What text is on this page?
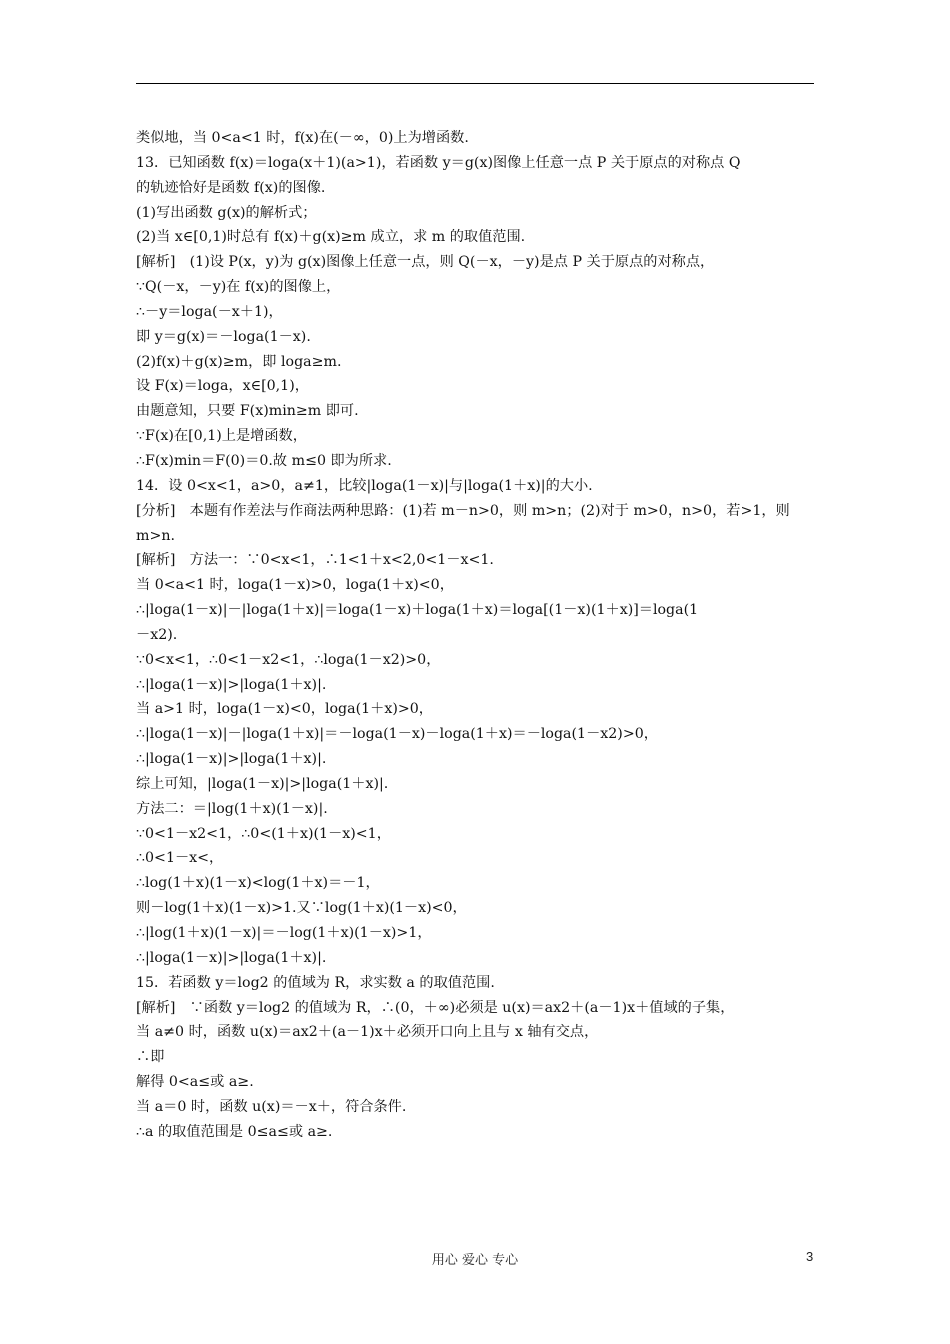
类似地，当 0<a<1 时，f(x)在(－∞，0)上为增函数.
13．已知函数 f(x)＝loga(x＋1)(a>1)，若函数 y＝g(x)图像上任意一点 P 关于原点的对称点 Q
的轨迹恰好是函数 f(x)的图像.
(1)写出函数 g(x)的解析式；
(2)当 x∈[0,1)时总有 f(x)＋g(x)≥m 成立，求 m 的取值范围.
[解析]　(1)设 P(x，y)为 g(x)图像上任意一点，则 Q(－x，－y)是点 P 关于原点的对称点，
∵Q(－x，－y)在 f(x)的图像上，
∴－y＝loga(－x＋1)，
即 y＝g(x)＝－loga(1－x).
(2)f(x)＋g(x)≥m，即 loga≥m.
设 F(x)＝loga，x∈[0,1)，
由题意知，只要 F(x)min≥m 即可.
∵F(x)在[0,1)上是增函数，
∴F(x)min＝F(0)＝0.故 m≤0 即为所求.
14．设 0<x<1，a>0，a≠1，比较|loga(1－x)|与|loga(1＋x)|的大小.
[分析]　本题有作差法与作商法两种思路：(1)若 m－n>0，则 m>n；(2)对于 m>0，n>0，若>1，则
m>n.
[解析]　方法一：∵0<x<1，∴1<1＋x<2,0<1－x<1.
当 0<a<1 时，loga(1－x)>0，loga(1＋x)<0，
∴|loga(1－x)|－|loga(1＋x)|＝loga(1－x)＋loga(1＋x)＝loga[(1－x)(1＋x)]＝loga(1
－x2).
∵0<x<1，∴0<1－x2<1，∴loga(1－x2)>0，
∴|loga(1－x)|>|loga(1＋x)|.
当 a>1 时，loga(1－x)<0，loga(1＋x)>0，
∴|loga(1－x)|－|loga(1＋x)|＝－loga(1－x)－loga(1＋x)＝－loga(1－x2)>0，
∴|loga(1－x)|>|loga(1＋x)|.
综上可知，|loga(1－x)|>|loga(1＋x)|.
方法二：＝|log(1＋x)(1－x)|.
∵0<1－x2<1，∴0<(1＋x)(1－x)<1，
∴0<1－x<，
∴log(1＋x)(1－x)<log(1＋x)＝－1，
则－log(1＋x)(1－x)>1.又∵log(1＋x)(1－x)<0，
∴|log(1＋x)(1－x)|＝－log(1＋x)(1－x)>1，
∴|loga(1－x)|>|loga(1＋x)|.
15．若函数 y＝log2 的值域为 R，求实数 a 的取值范围.
[解析]　∵函数 y＝log2 的值域为 R，∴(0，＋∞)必须是 u(x)＝ax2＋(a－1)x＋值域的子集，
当 a≠0 时，函数 u(x)＝ax2＋(a－1)x＋必须开口向上且与 x 轴有交点，
∴即
解得 0<a≤或 a≥.
当 a＝0 时，函数 u(x)＝－x＋，符合条件.
∴a 的取值范围是 0≤a≤或 a≥.
用心 爱心 专心	3
